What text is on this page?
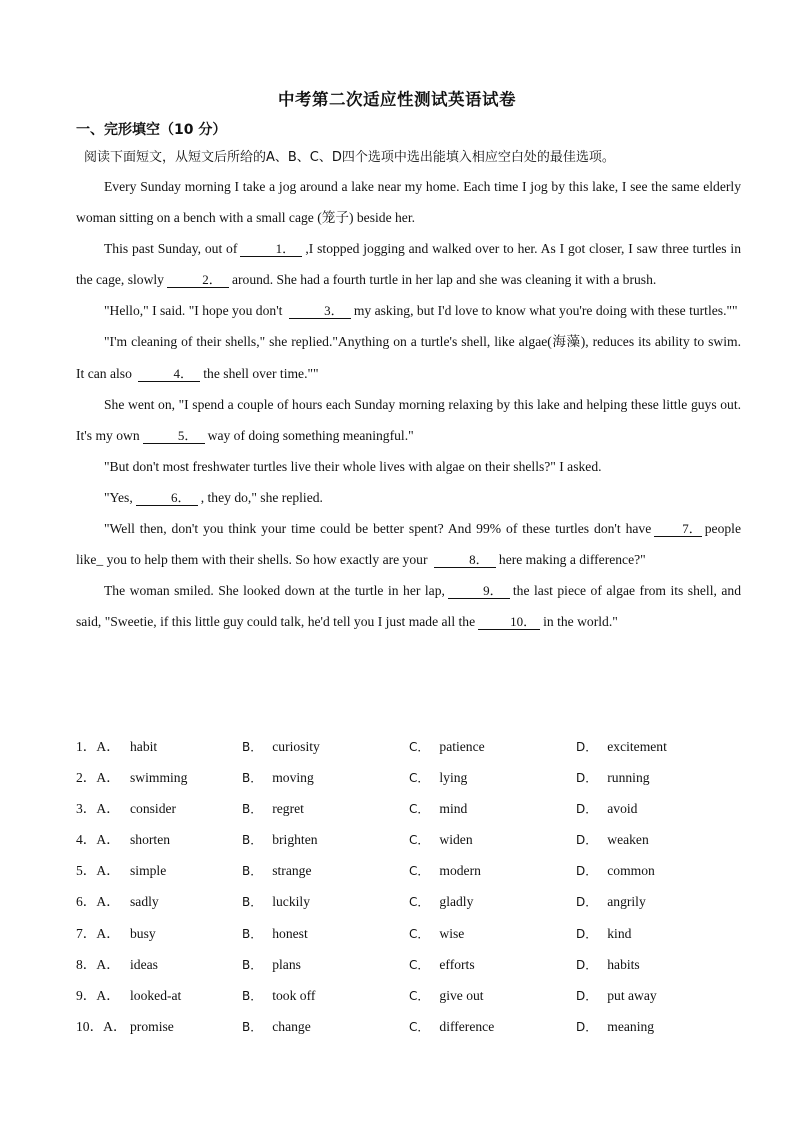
中考第二次适应性测试英语试卷
一、完形填空（10 分）
阅读下面短文，从短文后所给的A、B、C、D四个选项中选出能填入相应空白处的最佳选项。

Every Sunday morning I take a jog around a lake near my home. Each time I jog by this lake, I see the same elderly woman sitting on a bench with a small cage (笼子) beside her.

This past Sunday, out of	1． ,I stopped jogging and walked over to her. As I got closer, I saw three turtles in the cage, slowly	2． around. She had a fourth turtle in her lap and she was cleaning it with a brush.

"Hello," I said. "I hope you don't	3． my asking, but I'd love to know what you're doing with these turtles.""

"I'm cleaning of their shells," she replied."Anything on a turtle's shell, like algae(海藻), reduces its ability to swim. It can also	4． the shell over time.""

She went on, "I spend a couple of hours each Sunday morning relaxing by this lake and helping these little guys out. It's my own	5． way of doing something meaningful."

"But don't most freshwater turtles live their whole lives with algae on their shells?" I asked.

"Yes,	6． , they do," she replied.

"Well then, don't you think your time could be better spent? And 99% of these turtles don't have 7． people like_ you to help them with their shells. So how exactly are your	8． here making a difference?"

The woman smiled. She looked down at the turtle in her lap,	9． the last piece of algae from its shell, and said, "Sweetie, if this little guy could talk, he'd tell you I just made all the	10． in the world."

1．A． habit	B． curiosity	C． patience	D． excitement
2．A． swimming	B． moving	C． lying	D． running
3．A． consider	B． regret	C． mind	D． avoid
4．A． shorten	B． brighten	C． widen	D． weaken
5．A． simple	B． strange	C． modern	D． common
6．A． sadly	B． luckily	C． gladly	D． angrily
7．A． busy	B． honest	C． wise	D． kind
8．A． ideas	B． plans	C． efforts	D． habits
9．A． looked-at	B． took off	C． give out	D． put away
10．A． promise	B． change	C． difference	D． meaning
